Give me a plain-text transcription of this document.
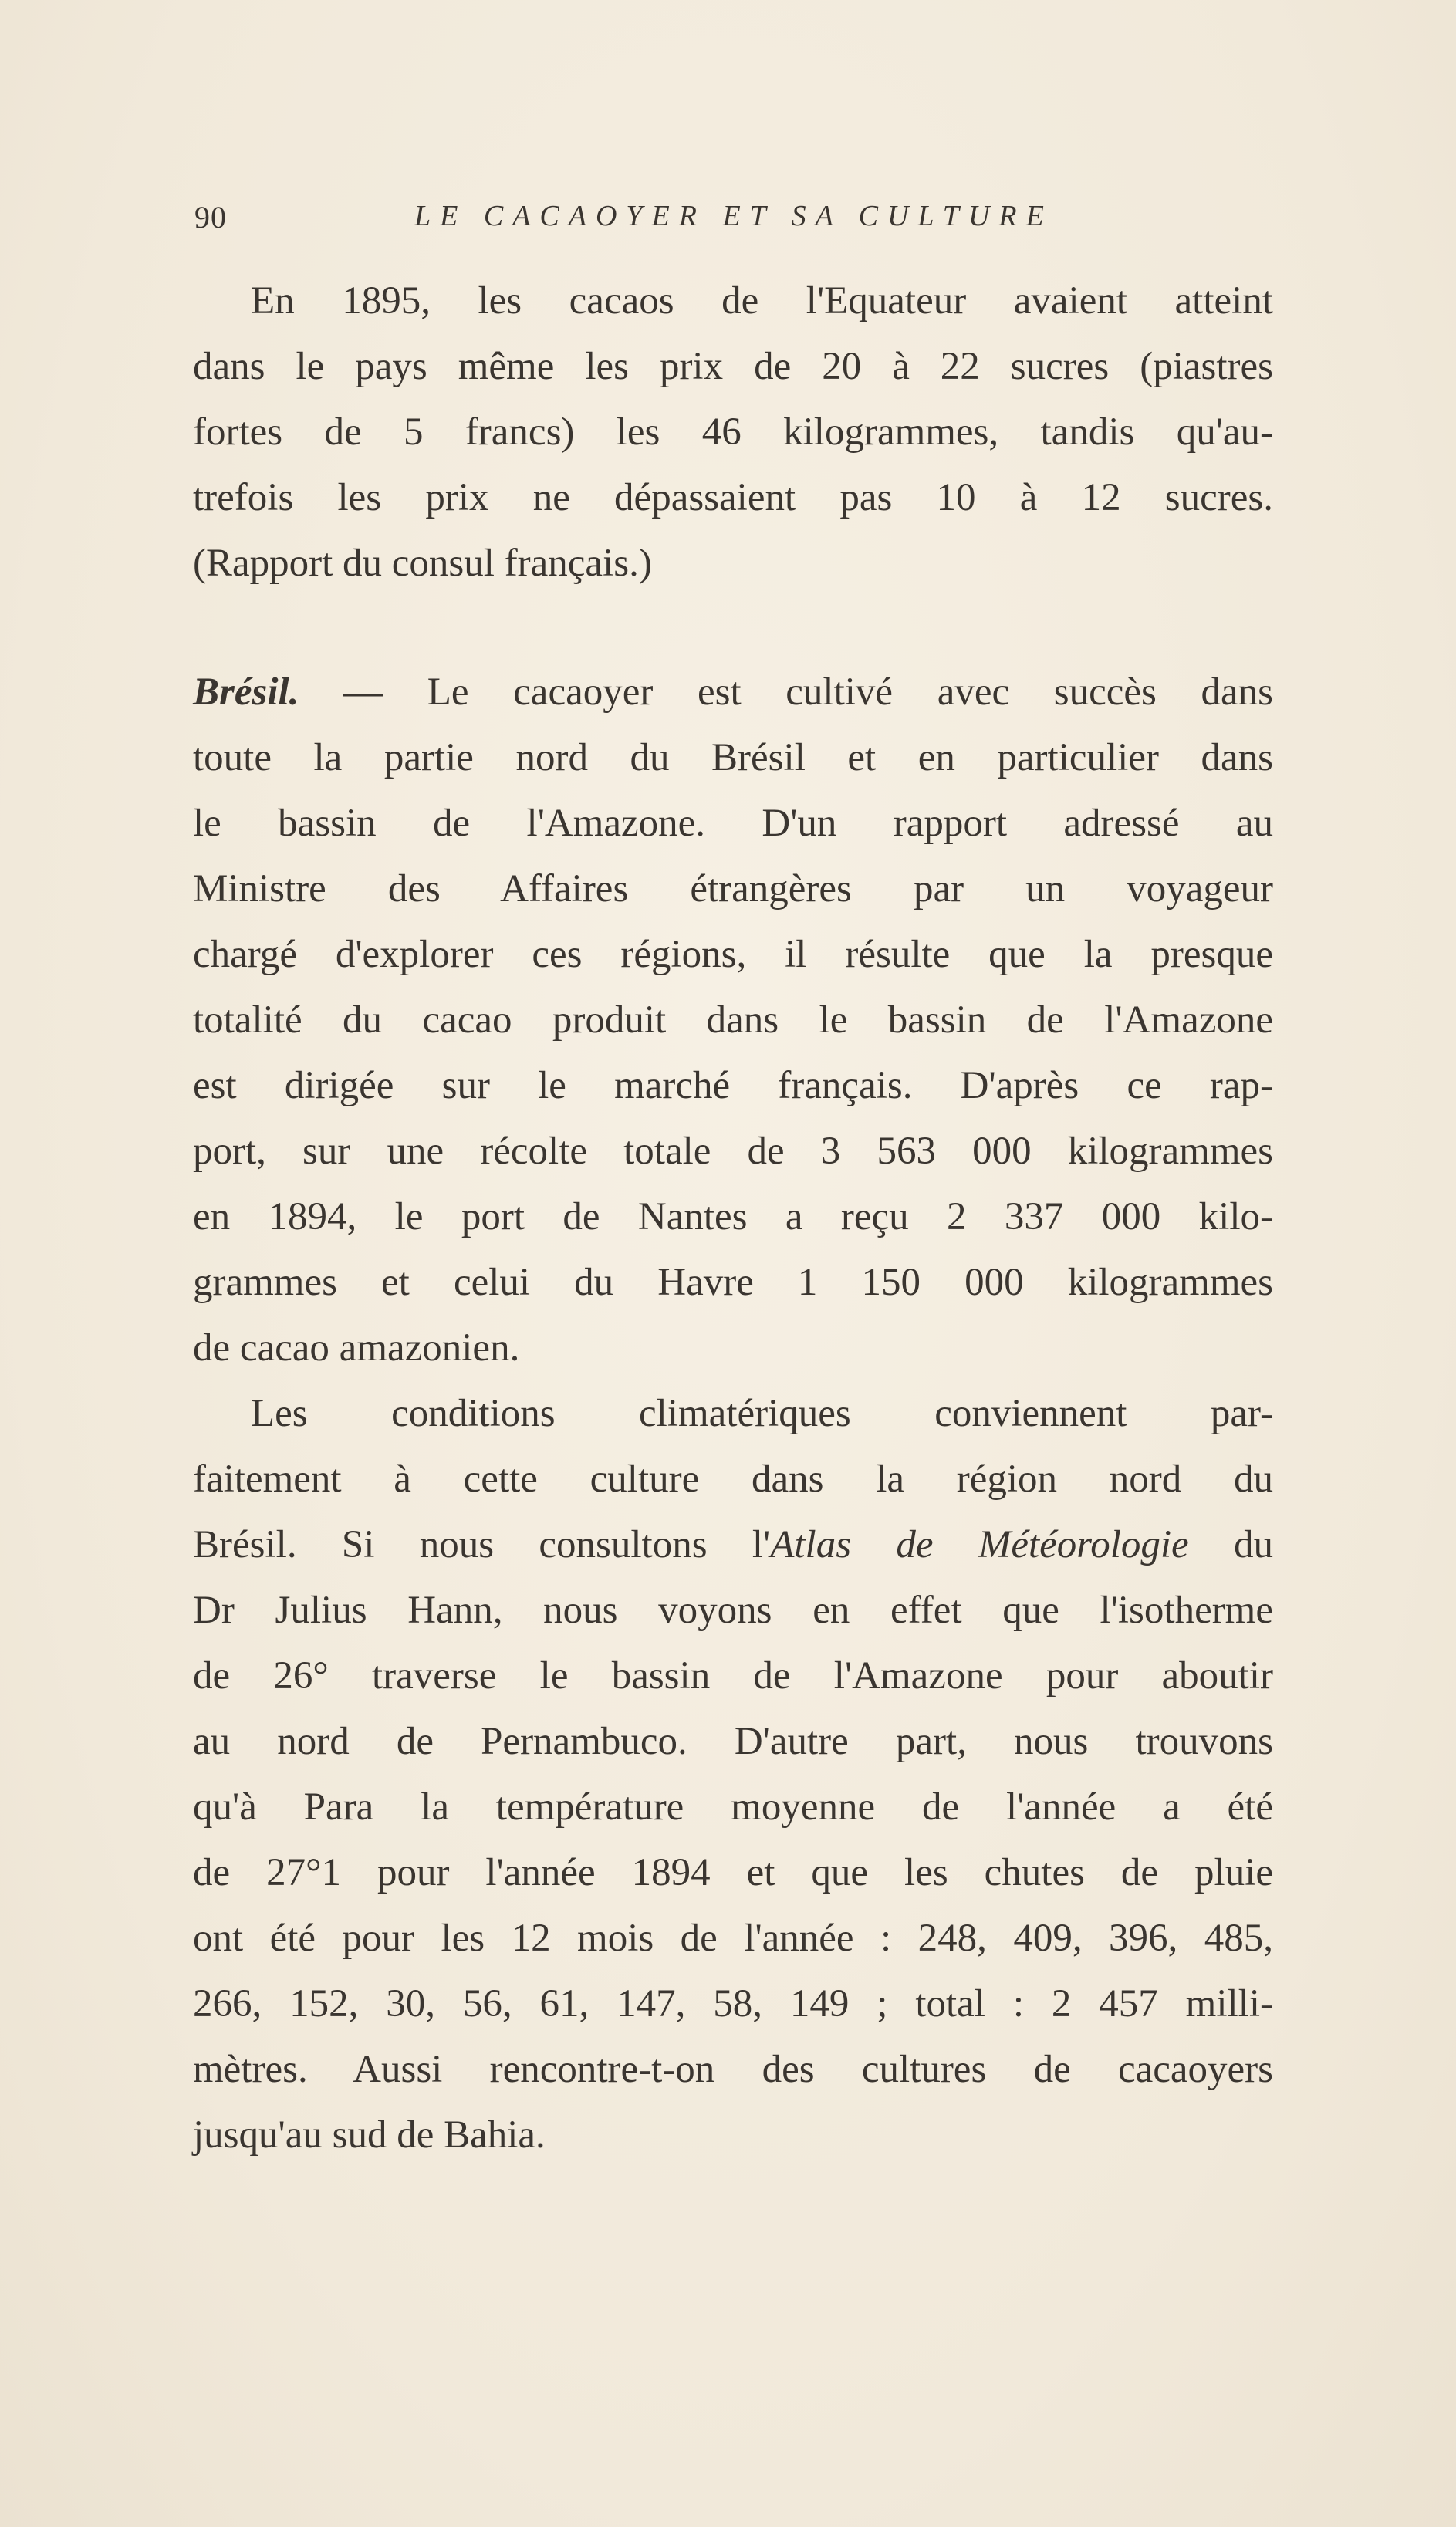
90	LE CACAOYER ET SA CULTURE
En 1895, les cacaos de l'Equateur avaient atteint
dans le pays même les prix de 20 à 22 sucres (piastres
fortes de 5 francs) les 46 kilogrammes, tandis qu'au-
trefois les prix ne dépassaient pas 10 à 12 sucres.
(Rapport du consul français.)
Brésil. — Le cacaoyer est cultivé avec succès dans
toute la partie nord du Brésil et en particulier dans
le bassin de l'Amazone. D'un rapport adressé au
Ministre des Affaires étrangères par un voyageur
chargé d'explorer ces régions, il résulte que la presque
totalité du cacao produit dans le bassin de l'Amazone
est dirigée sur le marché français. D'après ce rap-
port, sur une récolte totale de 3 563 000 kilogrammes
en 1894, le port de Nantes a reçu 2 337 000 kilo-
grammes et celui du Havre 1 150 000 kilogrammes
de cacao amazonien.
Les conditions climatériques conviennent par-
faitement à cette culture dans la région nord du
Brésil. Si nous consultons l'Atlas de Météorologie du
Dr Julius Hann, nous voyons en effet que l'isotherme
de 26° traverse le bassin de l'Amazone pour aboutir
au nord de Pernambuco. D'autre part, nous trouvons
qu'à Para la température moyenne de l'année a été
de 27°1 pour l'année 1894 et que les chutes de pluie
ont été pour les 12 mois de l'année : 248, 409, 396, 485,
266, 152, 30, 56, 61, 147, 58, 149 ; total : 2 457 milli-
mètres. Aussi rencontre-t-on des cultures de cacaoyers
jusqu'au sud de Bahia.
